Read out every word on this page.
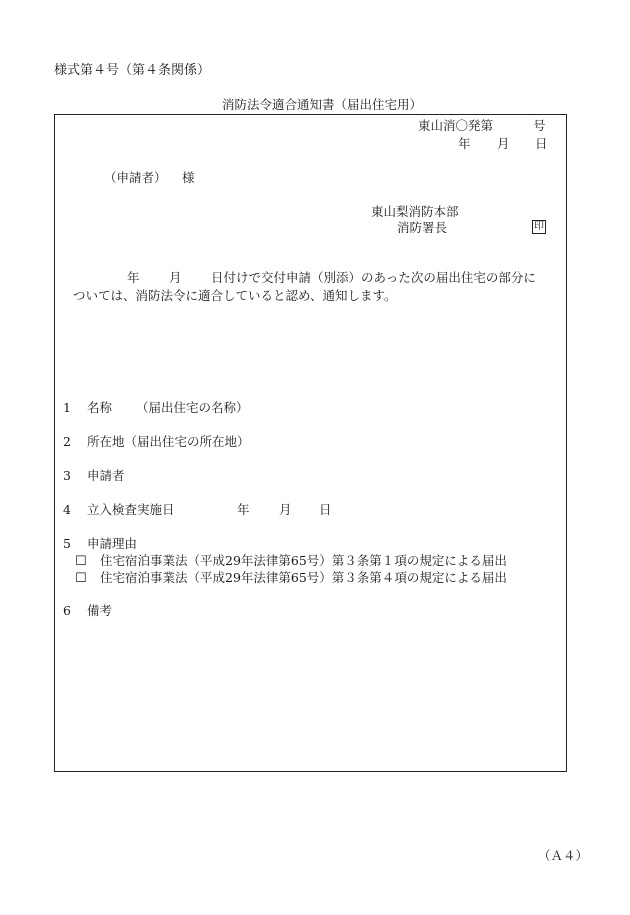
様式第４号（第４条関係）
消防法令適合通知書（届出住宅用）
東山消〇発第	号
年 月 日
（申請者） 様
東山梨消防本部
消防署長	印
年 月 日付けで交付申請（別添）のあった次の届出住宅の部分に
ついては、消防法令に適合していると認め、通知します。
1 名称 （届出住宅の名称）
2 所在地（届出住宅の所在地）
3 申請者
4 立入検査実施日	年 月 日
5 申請理由
☐ 住宅宿泊事業法（平成29年法律第65号）第３条第１項の規定による届出
☐ 住宅宿泊事業法（平成29年法律第65号）第３条第４項の規定による届出
6 備考
（Ａ４）
